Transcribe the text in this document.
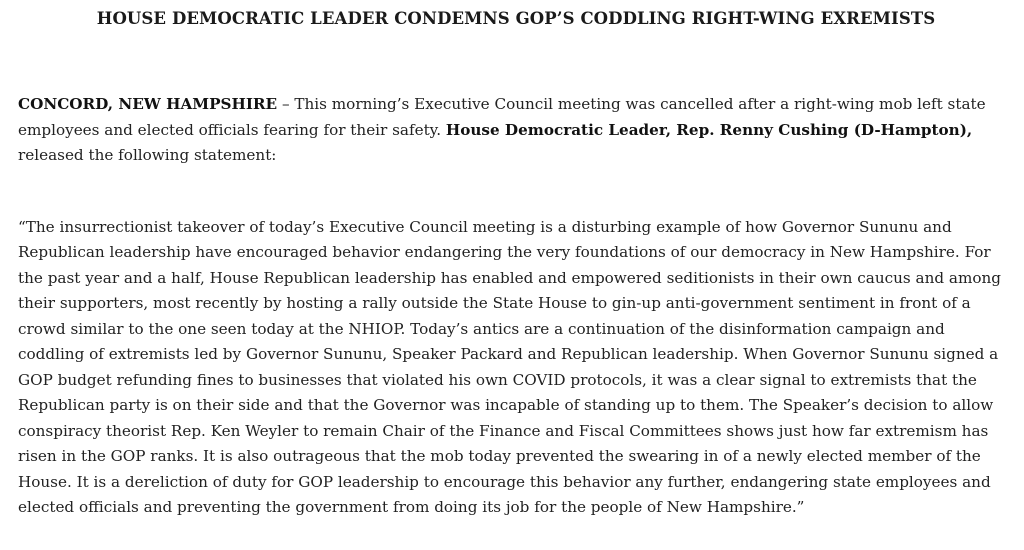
HOUSE DEMOCRATIC LEADER CONDEMNS GOP’S CODDLING RIGHT-WING EXREMISTS

CONCORD, NEW HAMPSHIRE – This morning’s Executive Council meeting was cancelled after a right-wing mob left state employees and elected officials fearing for their safety. House Democratic Leader, Rep. Renny Cushing (D-Hampton), released the following statement:

“The insurrectionist takeover of today’s Executive Council meeting is a disturbing example of how Governor Sununu and Republican leadership have encouraged behavior endangering the very foundations of our democracy in New Hampshire. For the past year and a half, House Republican leadership has enabled and empowered seditionists in their own caucus and among their supporters, most recently by hosting a rally outside the State House to gin-up anti-government sentiment in front of a crowd similar to the one seen today at the NHIOP. Today’s antics are a continuation of the disinformation campaign and coddling of extremists led by Governor Sununu, Speaker Packard and Republican leadership. When Governor Sununu signed a GOP budget refunding fines to businesses that violated his own COVID protocols, it was a clear signal to extremists that the Republican party is on their side and that the Governor was incapable of standing up to them. The Speaker’s decision to allow conspiracy theorist Rep. Ken Weyler to remain Chair of the Finance and Fiscal Committees shows just how far extremism has risen in the GOP ranks. It is also outrageous that the mob today prevented the swearing in of a newly elected member of the House. It is a dereliction of duty for GOP leadership to encourage this behavior any further, endangering state employees and elected officials and preventing the government from doing its job for the people of New Hampshire.”
